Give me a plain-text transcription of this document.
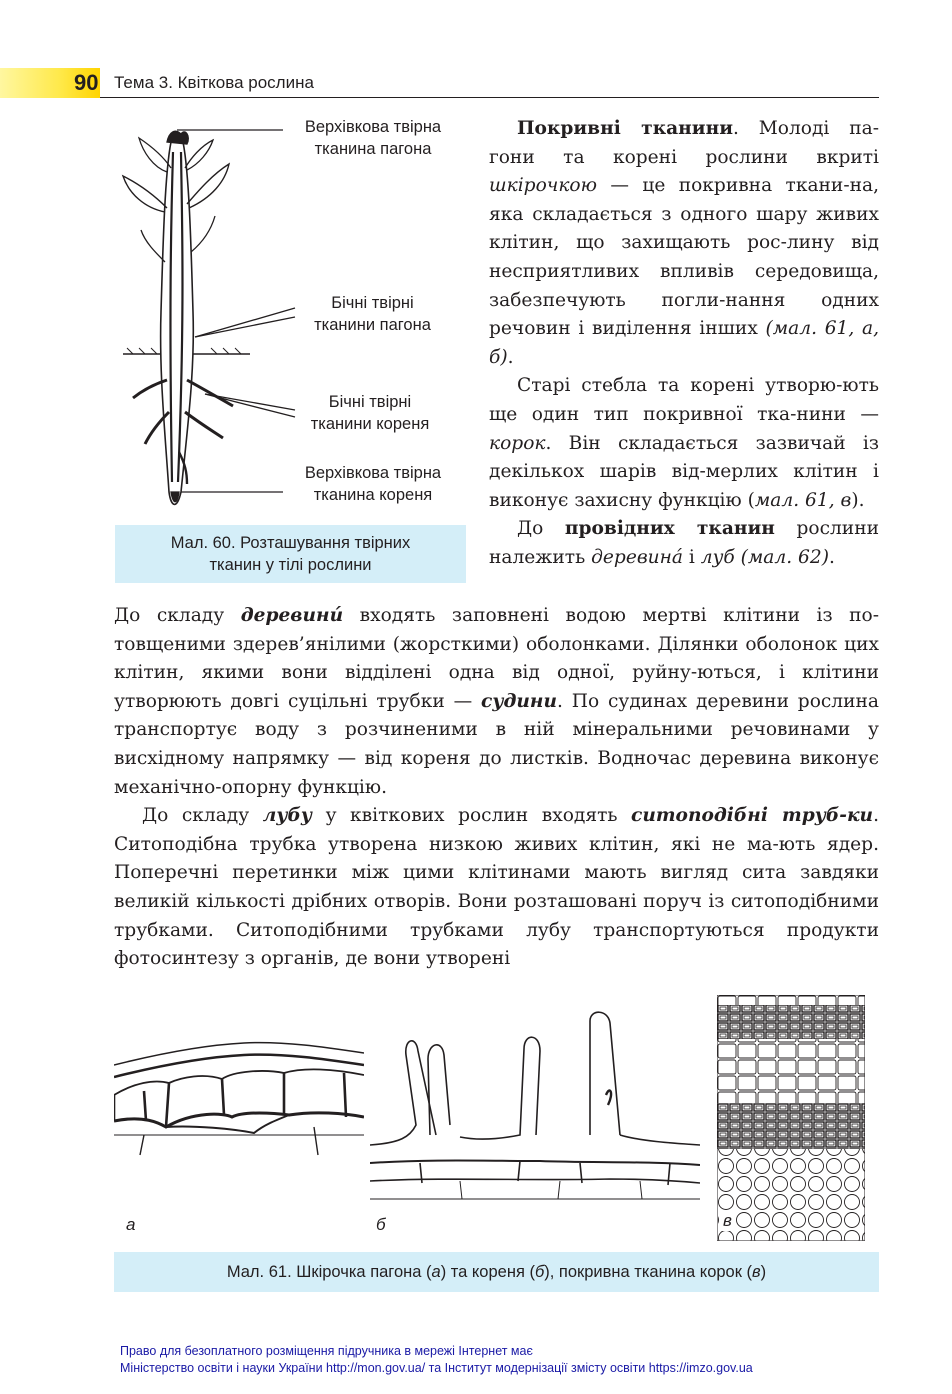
90 Тема 3. Квіткова рослина
Верхівкова твірна
тканина пагона
Бічні твірні
тканини пагона
Бічні твірні
тканини кореня
Верхівкова твірна
тканина кореня
Мал. 60. Розташування твірних
тканин у тілі рослини

Покривні тканини. Молоді па-гони та корені рослини вкриті шкірочкою — це покривна ткани-на, яка складається з одного шару живих клітин, що захищають рос-лину від несприятливих впливів середовища, забезпечують погли-нання одних речовин і виділення інших (мал. 61, а, б).

Старі стебла та корені утворю-ють ще один тип покривної тка-нини — корок. Він складається зазвичай із декількох шарів від-мерлих клітин і виконує захисну функцію (мал. 61, в).

До провідних тканин рослини належить деревинá і луб (мал. 62).

До складу деревинú входять заповнені водою мертві клітини із по-товщеними здерев’янілими (жорсткими) оболонками. Ділянки оболонок цих клітин, якими вони відділені одна від одної, руйну-ються, і клітини утворюють довгі суцільні трубки — судини. По судинах деревини рослина транспортує воду з розчиненими в ній мінеральними речовинами у висхідному напрямку — від кореня до листків. Водночас деревина виконує механічно-опорну функцію.

До складу лубу у квіткових рослин входять ситоподібні труб-ки. Ситоподібна трубка утворена низкою живих клітин, які не ма-ють ядер. Поперечні перетинки між цими клітинами мають вигляд сита завдяки великій кількості дрібних отворів. Вони розташовані поруч із ситоподібними трубками. Ситоподібними трубками лубу транспортуються продукти фотосинтезу з органів, де вони утворені

а	б	в
Мал. 61. Шкірочка пагона ( а ) та кореня ( б ), покривна тканина корок ( в )
Право для безоплатного розміщення підручника в мережі Інтернет має
Міністерство освіти і науки України http://mon.gov.ua/ та Інститут модернізації змісту освіти https://imzo.gov.ua
